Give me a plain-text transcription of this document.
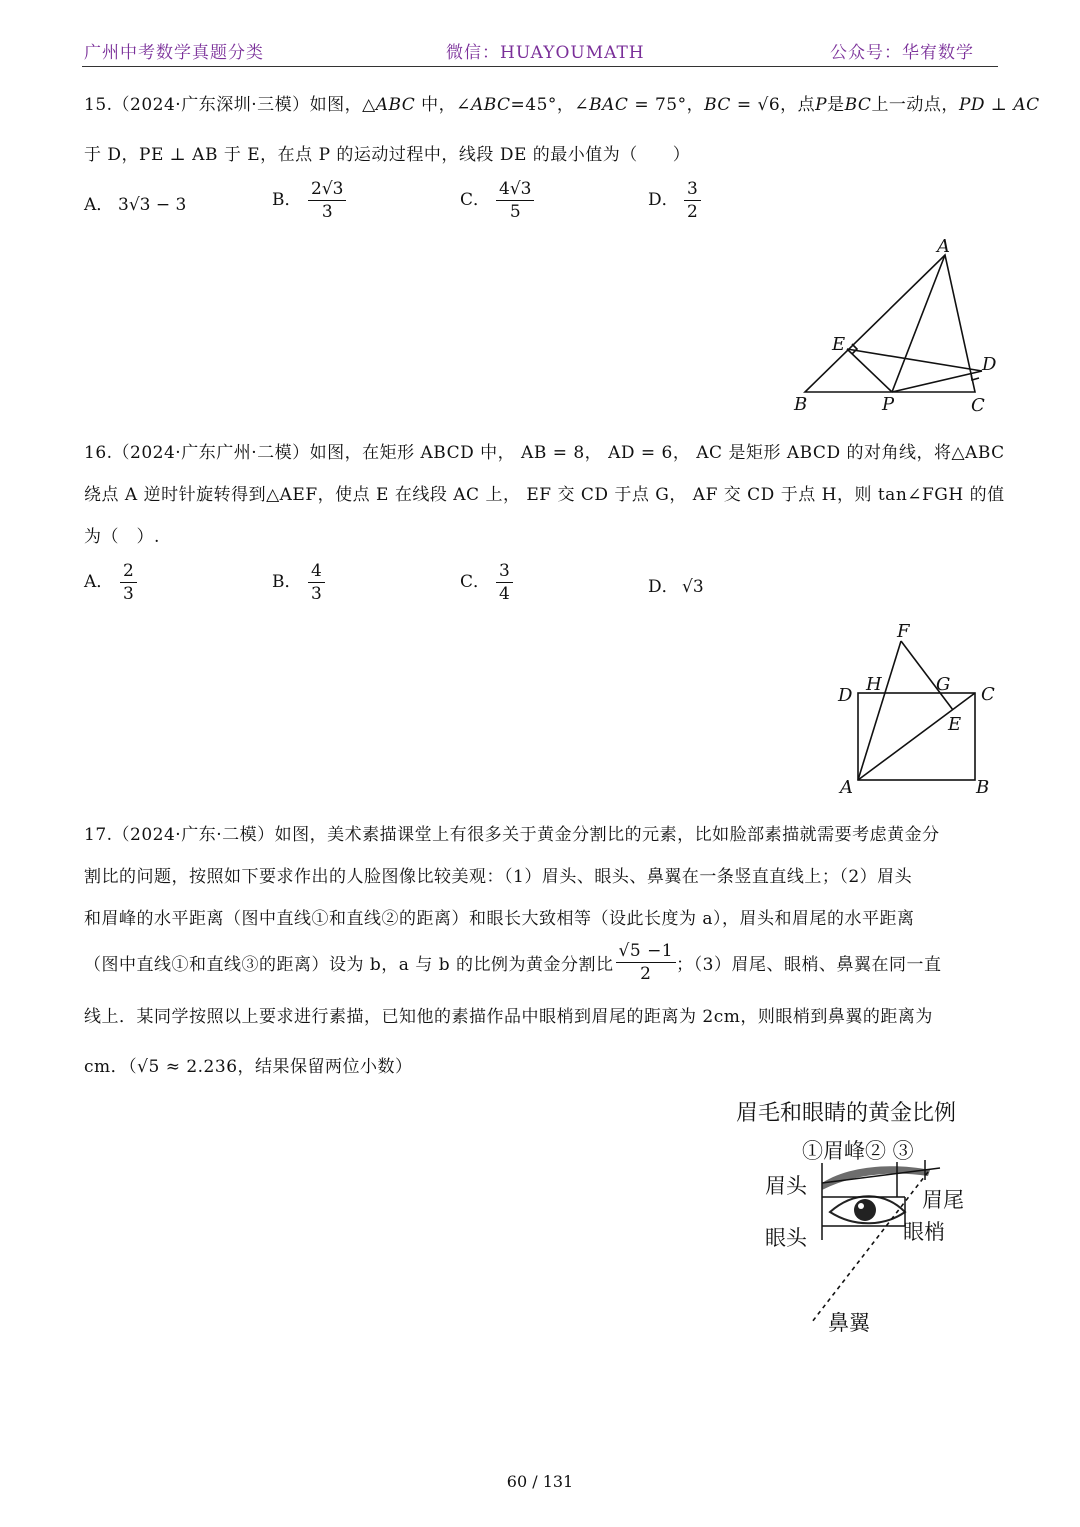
广州中考数学真题分类	微信：HUAYOUMATH	公众号：华宥数学
15.（2024·广东深圳·三模）如图，△ABC 中，∠ABC=45°，∠BAC = 75°，BC = √6，点P是BC上一动点，PD ⊥ AC
于 D，PE ⊥ AB 于 E，在点 P 的运动过程中，线段 DE 的最小值为（　　）
A． 3√3 − 3	B． $\frac{2√3}{3}$	C． $\frac{4√3}{5}$	D． $\frac{3}{2}$
A
E
D
B	P	C
16.（2024·广东广州·二模）如图，在矩形 ABCD 中， AB = 8， AD = 6， AC 是矩形 ABCD 的对角线，将△ABC
绕点 A 逆时针旋转得到△AEF，使点 E 在线段 AC 上， EF 交 CD 于点 G， AF 交 CD 于点 H，则 tan∠FGH 的值
为（　）.
A． $\frac{2}{3}$	B． $\frac{4}{3}$	C． $\frac{3}{4}$	D． √3
F
D
H	G C
E
A	B
17.（2024·广东·二模）如图，美术素描课堂上有很多关于黄金分割比的元素，比如脸部素描就需要考虑黄金分
割比的问题，按照如下要求作出的人脸图像比较美观：（1）眉头、眼头、鼻翼在一条竖直直线上；（2）眉头
和眉峰的水平距离（图中直线①和直线②的距离）和眼长大致相等（设此长度为 a），眉头和眉尾的水平距离
（图中直线①和直线③的距离）设为 b，a 与 b 的比例为黄金分割比 $\frac{√5 -1}{2}$ ；（3）眉尾、眼梢、鼻翼在同一直
线上．某同学按照以上要求进行素描，已知他的素描作品中眼梢到眉尾的距离为 2cm，则眼梢到鼻翼的距离为
cm．（√5 ≈ 2.236，结果保留两位小数）
眉毛和眼睛的黄金比例
①眉峰② ③
眉头
眉尾
眼头	眼梢
鼻翼
60 / 131
